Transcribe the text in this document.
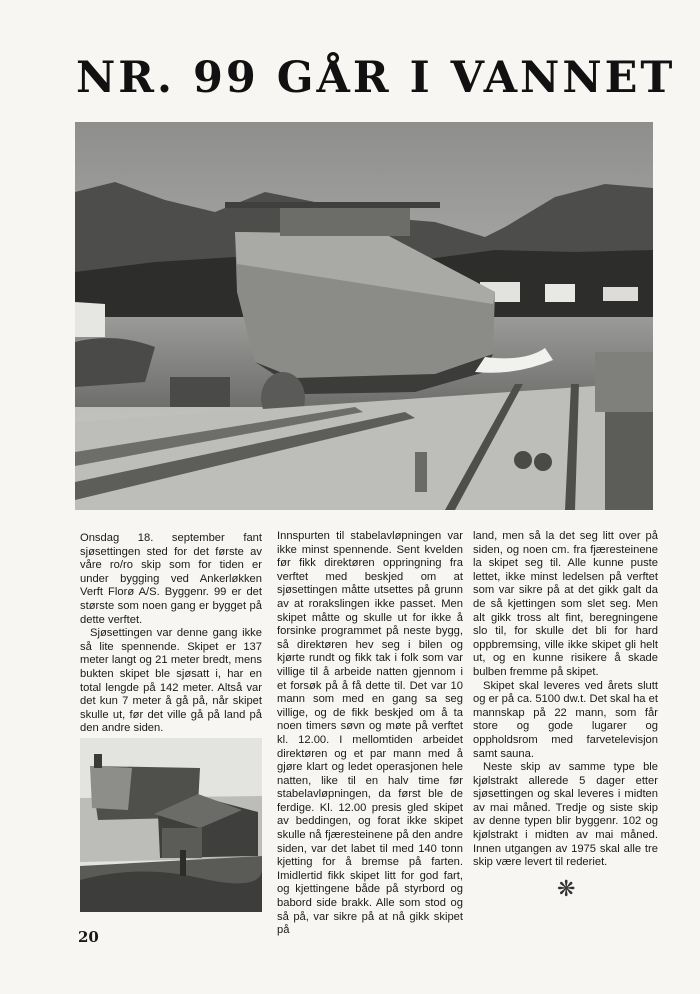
NR. 99 GÅR I VANNET

Onsdag 18. september fant sjøsettingen sted for det første av våre ro/ro skip som for tiden er under bygging ved Ankerløkken Verft Florø A/S. Byggenr. 99 er det største som noen gang er bygget på dette verftet.

Sjøsettingen var denne gang ikke så lite spennende. Skipet er 137 meter langt og 21 meter bredt, mens bukten skipet ble sjøsatt i, har en total lengde på 142 meter. Altså var det kun 7 meter å gå på, når skipet skulle ut, før det ville gå på land på den andre siden.

Innspurten til stabelavløpningen var ikke minst spennende. Sent kvelden før fikk direktøren oppringning fra verftet med beskjed om at sjøsettingen måtte utsettes på grunn av at rorakslingen ikke passet. Men skipet måtte og skulle ut for ikke å forsinke programmet på neste bygg, så direktøren hev seg i bilen og kjørte rundt og fikk tak i folk som var villige til å arbeide natten gjennom i et forsøk på å få dette til. Det var 10 mann som med en gang sa seg villige, og de fikk beskjed om å ta noen timers søvn og møte på verftet kl. 12.00. I mellomtiden arbeidet direktøren og et par mann med å gjøre klart og ledet operasjonen hele natten, like til en halv time før stabelavløpningen, da først ble de ferdige. Kl. 12.00 presis gled skipet av beddingen, og forat ikke skipet skulle nå fjæresteinene på den andre siden, var det labet til med 140 tonn kjetting for å bremse på farten. Imidlertid fikk skipet litt for god fart, og kjettingene både på styrbord og babord side brakk. Alle som stod og så på, var sikre på at nå gikk skipet på

land, men så la det seg litt over på siden, og noen cm. fra fjæresteinene la skipet seg til. Alle kunne puste lettet, ikke minst ledelsen på verftet som var sikre på at det gikk galt da de så kjettingen som slet seg. Men alt gikk tross alt fint, beregningene slo til, for skulle det bli for hard oppbremsing, ville ikke skipet gli helt ut, og en kunne risikere å skade bulben fremme på skipet.

Skipet skal leveres ved årets slutt og er på ca. 5100 dw.t. Det skal ha et mannskap på 22 mann, som får store og gode lugarer og oppholdsrom med farvetelevisjon samt sauna.

Neste skip av samme type ble kjølstrakt allerede 5 dager etter sjøsettingen og skal leveres i midten av mai måned. Tredje og siste skip av denne typen blir byggenr. 102 og kjølstrakt i midten av mai måned. Innen utgangen av 1975 skal alle tre skip være levert til rederiet.

❋
20
